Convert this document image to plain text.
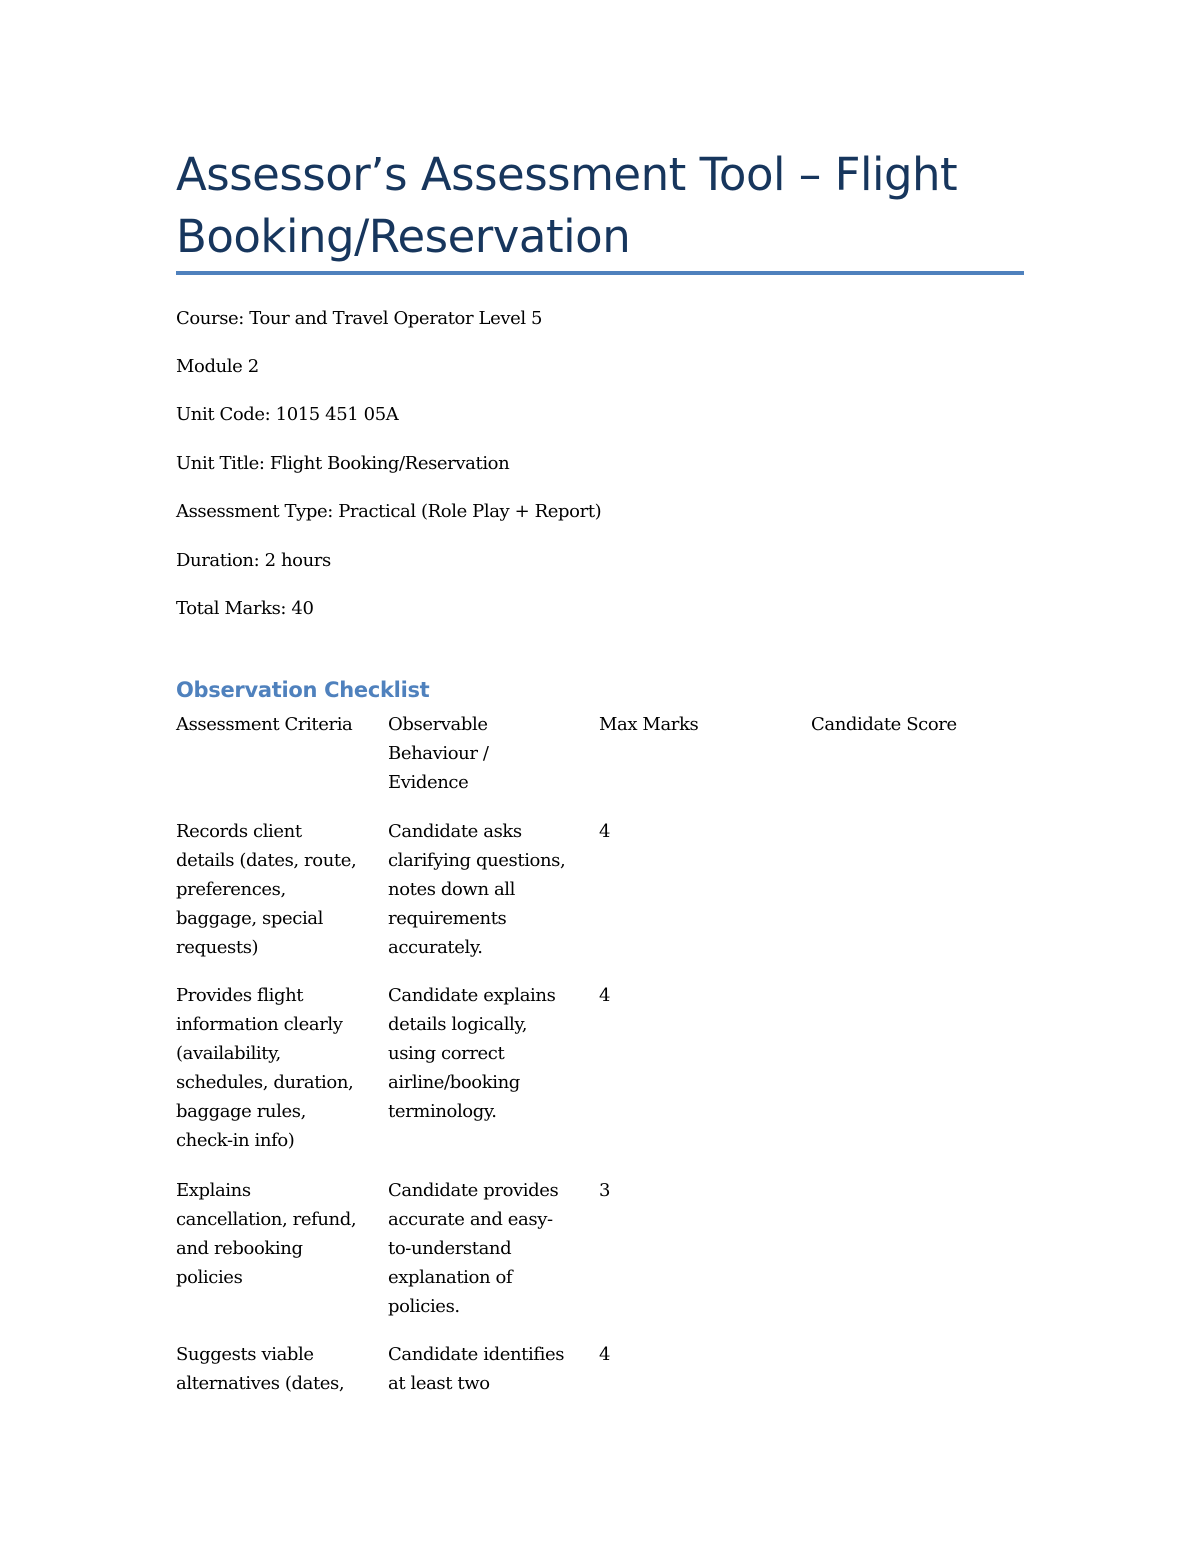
Assessor’s Assessment Tool – Flight
Booking/Reservation

Course: Tour and Travel Operator Level 5

Module 2

Unit Code: 1015 451 05A

Unit Title: Flight Booking/Reservation

Assessment Type: Practical (Role Play + Report)

Duration: 2 hours

Total Marks: 40

Observation Checklist
Assessment Criteria Observable
Behaviour /
Evidence
Max Marks	Candidate Score
Records client
details (dates, route,
preferences,
baggage, special
requests)
Candidate asks
clarifying questions,
notes down all
requirements
accurately.
4
Provides flight
information clearly
(availability,
schedules, duration,
baggage rules,
check-in info)
Candidate explains
details logically,
using correct
airline/booking
terminology.
4
Explains
cancellation, refund,
and rebooking
policies
Candidate provides
accurate and easy-
to-understand
explanation of
policies.
3
Suggests viable
alternatives (dates,
Candidate identifies
at least two
4
